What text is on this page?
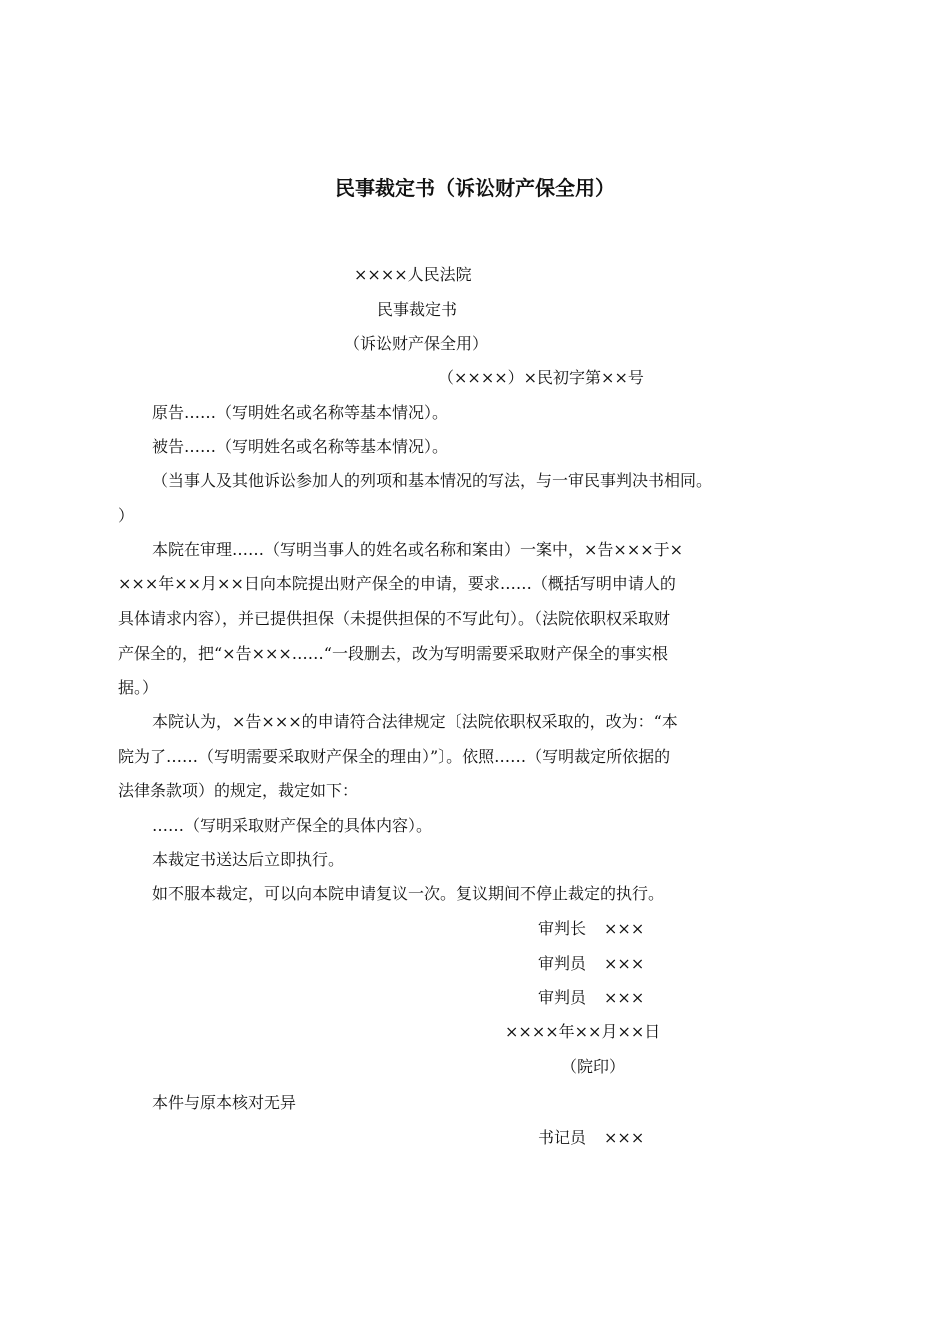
民事裁定书（诉讼财产保全用）
××××人民法院
民事裁定书
（诉讼财产保全用）
（××××）×民初字第××号
原告……（写明姓名或名称等基本情况）。
被告……（写明姓名或名称等基本情况）。
（当事人及其他诉讼参加人的列项和基本情况的写法，与一审民事判决书相同。
）
本院在审理……（写明当事人的姓名或名称和案由）一案中，×告×××于×
×××年××月××日向本院提出财产保全的申请，要求……（概括写明申请人的
具体请求内容），并已提供担保（未提供担保的不写此句）。（法院依职权采取财
产保全的，把“×告×××……“一段删去，改为写明需要采取财产保全的事实根
据。）
本院认为，×告×××的申请符合法律规定〔法院依职权采取的，改为：“本
院为了……（写明需要采取财产保全的理由）”〕。依照……（写明裁定所依据的
法律条款项）的规定，裁定如下：
……（写明采取财产保全的具体内容）。
本裁定书送达后立即执行。
如不服本裁定，可以向本院申请复议一次。复议期间不停止裁定的执行。
审判长 ×××
审判员 ×××
审判员 ×××
××××年××月××日
（院印）
本件与原本核对无异
书记员 ×××
